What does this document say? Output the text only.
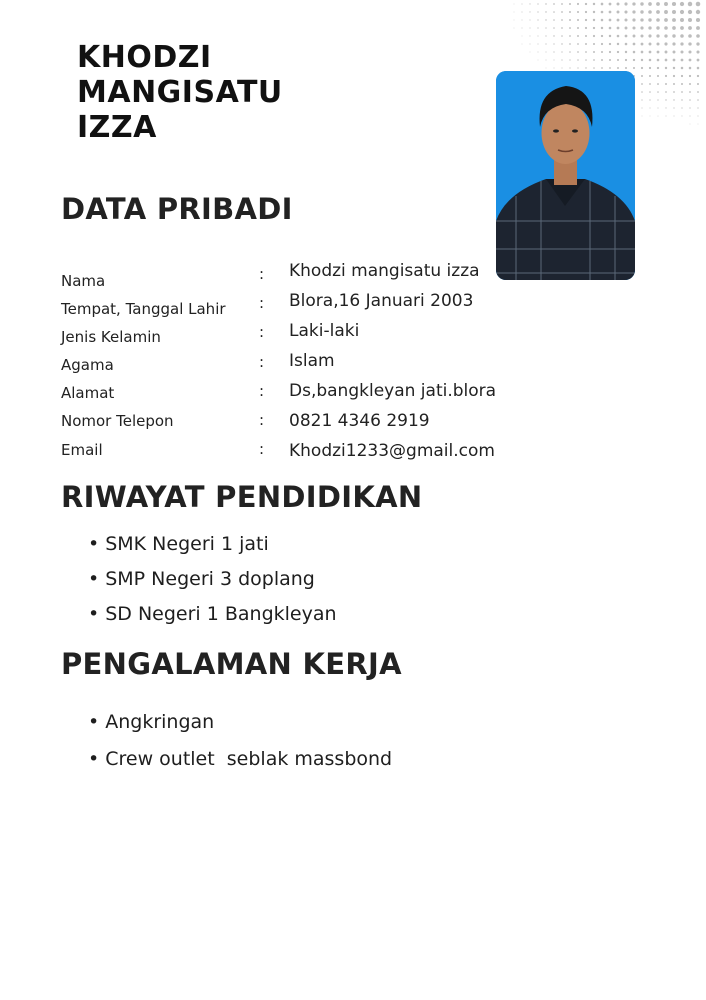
KHODZI
MANGISATU
IZZA
DATA PRIBADI
Nama	: Khodzi mangisatu izza
Tempat, Tanggal Lahir : Blora,16 Januari 2003
Jenis Kelamin	: Laki-laki
Agama	: Islam
Alamat	: Ds,bangkleyan jati.blora
Nomor Telepon	: 0821 4346 2919
Email	: Khodzi1233@gmail.com
RIWAYAT PENDIDIKAN
• SMK Negeri 1 jati
• SMP Negeri 3 doplang
• SD Negeri 1 Bangkleyan
PENGALAMAN KERJA
• Angkringan
• Crew outlet  seblak massbond
